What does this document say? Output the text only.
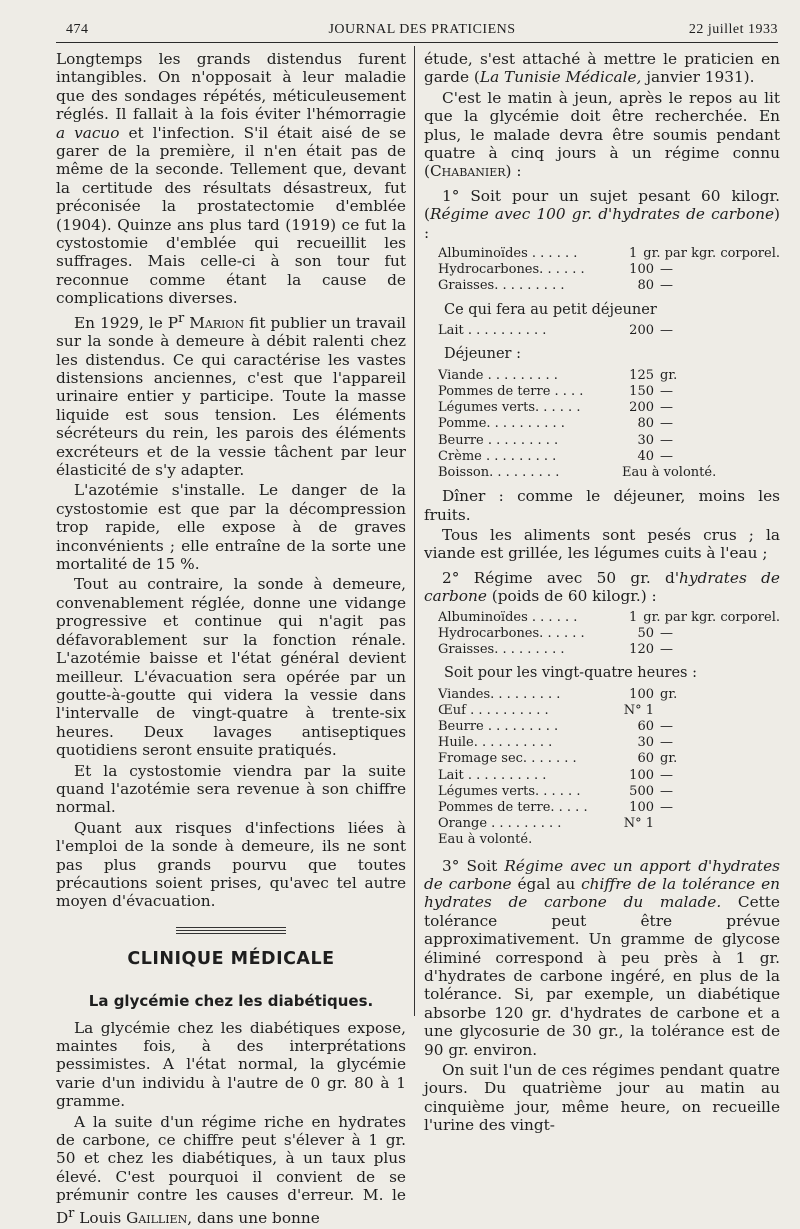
474	JOURNAL DES PRATICIENS	22 juillet 1933

Longtemps les grands distendus furent intangibles. On n'opposait à leur maladie que des sondages répétés, méticuleusement réglés. Il fallait à la fois éviter l'hémorragie a vacuo et l'infection. S'il était aisé de se garer de la première, il n'en était pas de même de la seconde. Tellement que, devant la certitude des résultats désastreux, fut préconisée la prostatectomie d'emblée (1904). Quinze ans plus tard (1919) ce fut la cystostomie d'emblée qui recueillit les suffrages. Mais celle-ci à son tour fut reconnue comme étant la cause de complications diverses.

En 1929, le $P^r$ Marion fit publier un travail sur la sonde à demeure à débit ralenti chez les distendus. Ce qui caractérise les vastes distensions anciennes, c'est que l'appareil urinaire entier y participe. Toute la masse liquide est sous tension. Les éléments sécréteurs du rein, les parois des éléments excréteurs et de la vessie tâchent par leur élasticité de s'y adapter.

L'azotémie s'installe. Le danger de la cystostomie est que par la décompression trop rapide, elle expose à de graves inconvénients ; elle entraîne de la sorte une mortalité de 15 %.

Tout au contraire, la sonde à demeure, convenablement réglée, donne une vidange progressive et continue qui n'agit pas défavorablement sur la fonction rénale. L'azotémie baisse et l'état général devient meilleur. L'évacuation sera opérée par un goutte-à-goutte qui videra la vessie dans l'intervalle de vingt-quatre à trente-six heures. Deux lavages antiseptiques quotidiens seront ensuite pratiqués.

Et la cystostomie viendra par la suite quand l'azotémie sera revenue à son chiffre normal.

Quant aux risques d'infections liées à l'emploi de la sonde à demeure, ils ne sont pas plus grands pourvu que toutes précautions soient prises, qu'avec tel autre moyen d'évacuation.

CLINIQUE MÉDICALE
La glycémie chez les diabétiques.

La glycémie chez les diabétiques expose, maintes fois, à des interprétations pessimistes. A l'état normal, la glycémie varie d'un individu à l'autre de 0 gr. 80 à 1 gramme.

A la suite d'un régime riche en hydrates de carbone, ce chiffre peut s'élever à 1 gr. 50 et chez les diabétiques, à un taux plus élevé. C'est pourquoi il convient de se prémunir contre les causes d'erreur. M. le $D^r$ Louis Gaillien, dans une bonne

étude, s'est attaché à mettre le praticien en garde (La Tunisie Médicale, janvier 1931).

C'est le matin à jeun, après le repos au lit que la glycémie doit être recherchée. En plus, le malade devra être soumis pendant quatre à cinq jours à un régime connu (Chabanier) :

1° Soit pour un sujet pesant 60 kilogr. (Régime avec 100 gr. d'hydrates de carbone) :

Albuminoïdes . . . . . .	1 gr. par kgr. corporel.
Hydrocarbones. . . . . .	100 —
Graisses. . . . . . . . .	80 —
Ce qui fera au petit déjeuner
Lait . . . . . . . . . .	200 —
Déjeuner :
Viande . . . . . . . . .	125 gr.
Pommes de terre . . . .	150 —
Légumes verts. . . . . .	200 —
Pomme. . . . . . . . . .	80 —
Beurre . . . . . . . . .	30 —
Crème . . . . . . . . .	40 —
Boisson. . . . . . . . .	Eau à volonté.

Dîner : comme le déjeuner, moins les fruits.

Tous les aliments sont pesés crus ; la viande est grillée, les légumes cuits à l'eau ;

2° Régime avec 50 gr. d'hydrates de carbone (poids de 60 kilogr.) :

Albuminoïdes . . . . . .	1 gr. par kgr. corporel.
Hydrocarbones. . . . . .	50 —
Graisses. . . . . . . . .	120 —
Soit pour les vingt-quatre heures :
Viandes. . . . . . . . .	100 gr.
Œuf . . . . . . . . . .	N° 1
Beurre . . . . . . . . .	60 —
Huile. . . . . . . . . .	30 —
Fromage sec. . . . . . .	60 gr.
Lait . . . . . . . . . .	100 —
Légumes verts. . . . . .	500 —
Pommes de terre. . . . .	100 —
Orange . . . . . . . . .	N° 1
Eau à volonté.

3° Soit Régime avec un apport d'hydrates de carbone égal au chiffre de la tolérance en hydrates de carbone du malade. Cette tolérance peut être prévue approximativement. Un gramme de glycose éliminé correspond à peu près à 1 gr. d'hydrates de carbone ingéré, en plus de la tolérance. Si, par exemple, un diabétique absorbe 120 gr. d'hydrates de carbone et a une glycosurie de 30 gr., la tolérance est de 90 gr. environ.

On suit l'un de ces régimes pendant quatre jours. Du quatrième jour au matin au cinquième jour, même heure, on recueille l'urine des vingt-
